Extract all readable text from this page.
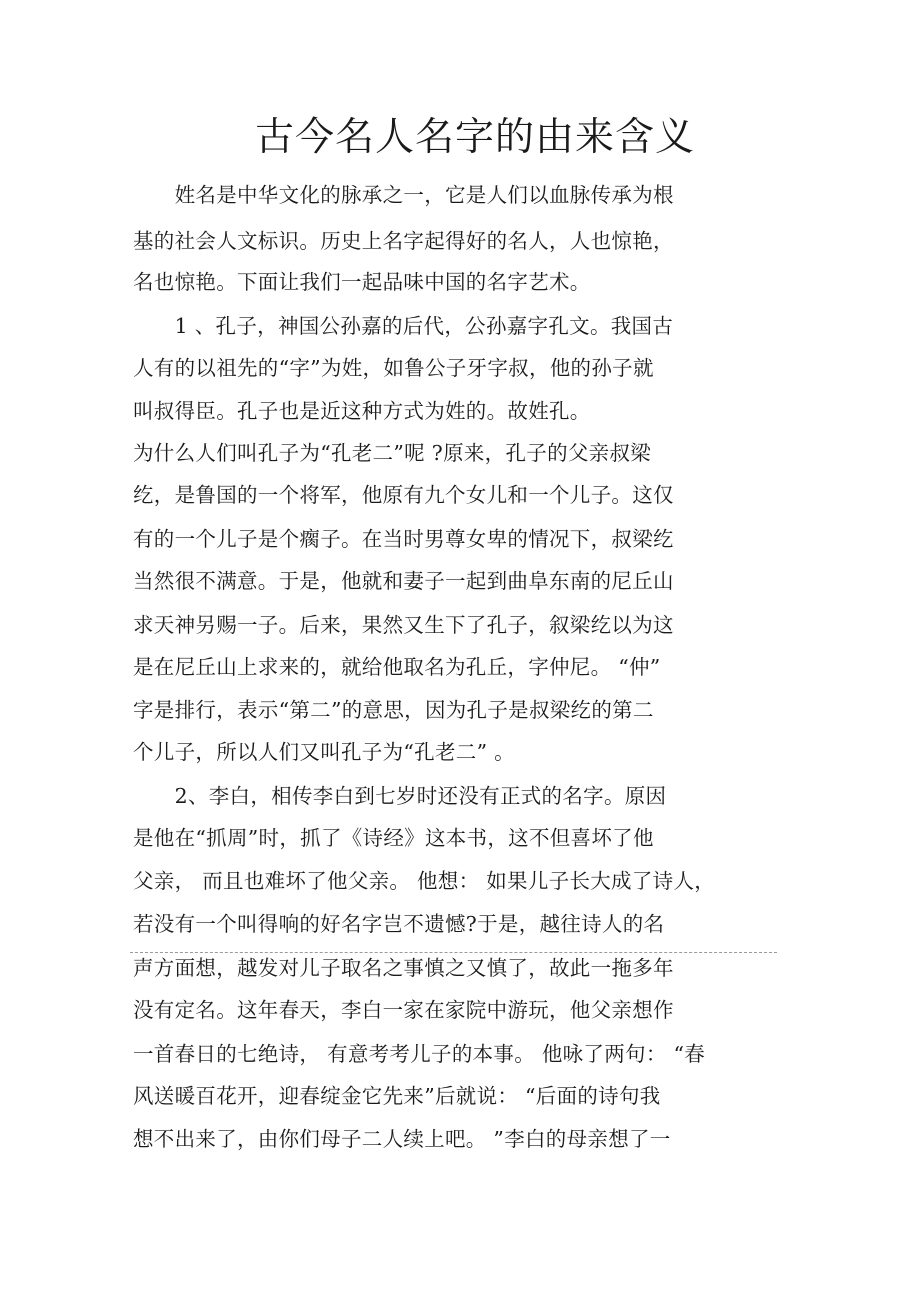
古今名人名字的由来含义
　　姓名是中华文化的脉承之一，它是人们以血脉传承为根
基的社会人文标识。历史上名字起得好的名人，人也惊艳，
名也惊艳。下面让我们一起品味中国的名字艺术。
　　1 、孔子，神国公孙嘉的后代，公孙嘉字孔文。我国古
人有的以祖先的“字”为姓，如鲁公子牙字叔，他的孙子就
叫叔得臣。孔子也是近这种方式为姓的。故姓孔。
为什么人们叫孔子为“孔老二”呢 ?原来，孔子的父亲叔梁
纥，是鲁国的一个将军，他原有九个女儿和一个儿子。这仅
有的一个儿子是个瘸子。在当时男尊女卑的情况下，叔梁纥
当然很不满意。于是，他就和妻子一起到曲阜东南的尼丘山
求天神另赐一子。后来，果然又生下了孔子，叙梁纥以为这
是在尼丘山上求来的，就给他取名为孔丘，字仲尼。 “仲”
字是排行，表示“第二”的意思，因为孔子是叔梁纥的第二
个儿子，所以人们又叫孔子为“孔老二” 。
　　2、李白，相传李白到七岁时还没有正式的名字。原因
是他在“抓周”时，抓了《诗经》这本书，这不但喜坏了他
父亲， 而且也难坏了他父亲。 他想： 如果儿子长大成了诗人，
若没有一个叫得响的好名字岂不遗憾?于是，越往诗人的名
声方面想，越发对儿子取名之事慎之又慎了，故此一拖多年
没有定名。这年春天，李白一家在家院中游玩，他父亲想作
一首春日的七绝诗， 有意考考儿子的本事。 他咏了两句： “春
风送暖百花开，迎春绽金它先来”后就说： “后面的诗句我
想不出来了，由你们母子二人续上吧。 ”李白的母亲想了一
